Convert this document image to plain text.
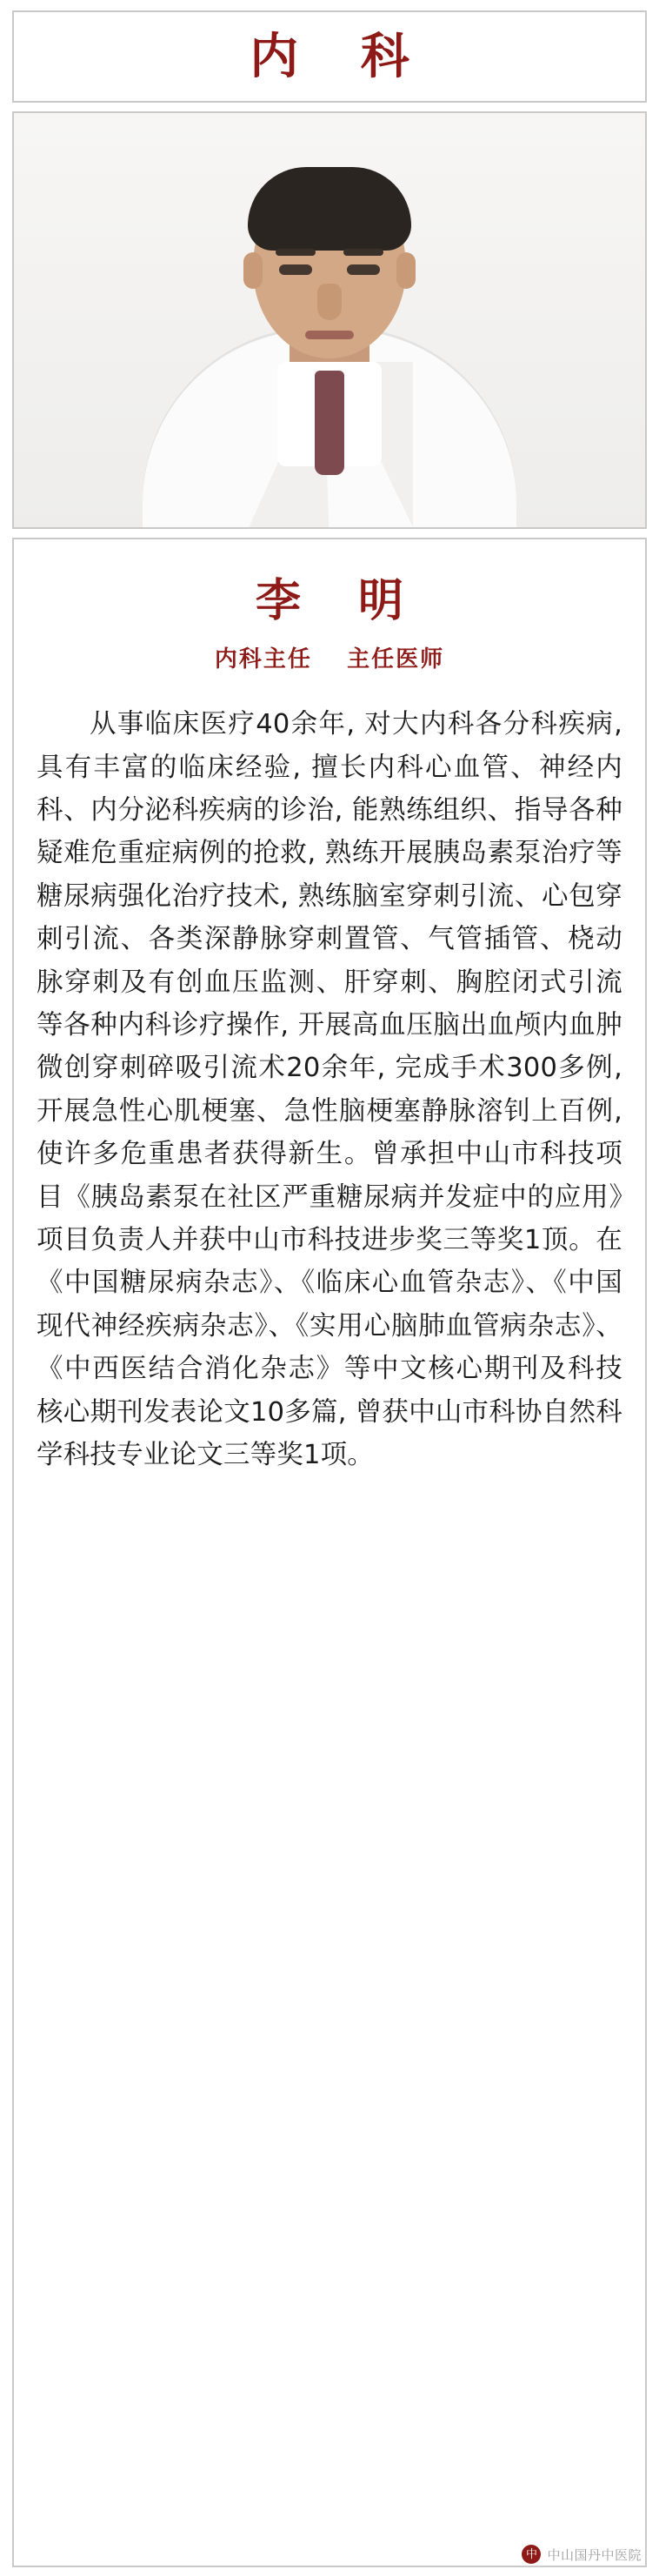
内 科
李 明
内科主任 主任医师
从事临床医疗40余年, 对大内科各分科疾病, 具有丰富的临床经验, 擅长内科心血管、神经内科、内分泌科疾病的诊治, 能熟练组织、指导各种疑难危重症病例的抢救, 熟练开展胰岛素泵治疗等糖尿病强化治疗技术, 熟练脑室穿刺引流、心包穿刺引流、各类深静脉穿刺置管、气管插管、桡动脉穿刺及有创血压监测、肝穿刺、胸腔闭式引流等各种内科诊疗操作, 开展高血压脑出血颅内血肿微创穿刺碎吸引流术20余年, 完成手术300多例, 开展急性心肌梗塞、急性脑梗塞静脉溶钊上百例, 使许多危重患者获得新生。曾承担中山市科技项目《胰岛素泵在社区严重糖尿病并发症中的应用》项目负责人并获中山市科技进步奖三等奖1顶。在《中国糖尿病杂志》、《临床心血管杂志》、《中国现代神经疾病杂志》、《实用心脑肺血管病杂志》、《中西医结合消化杂志》等中文核心期刊及科技核心期刊发表论文10多篇, 曾获中山市科协自然科学科技专业论文三等奖1项。
中 中山国丹中医院
